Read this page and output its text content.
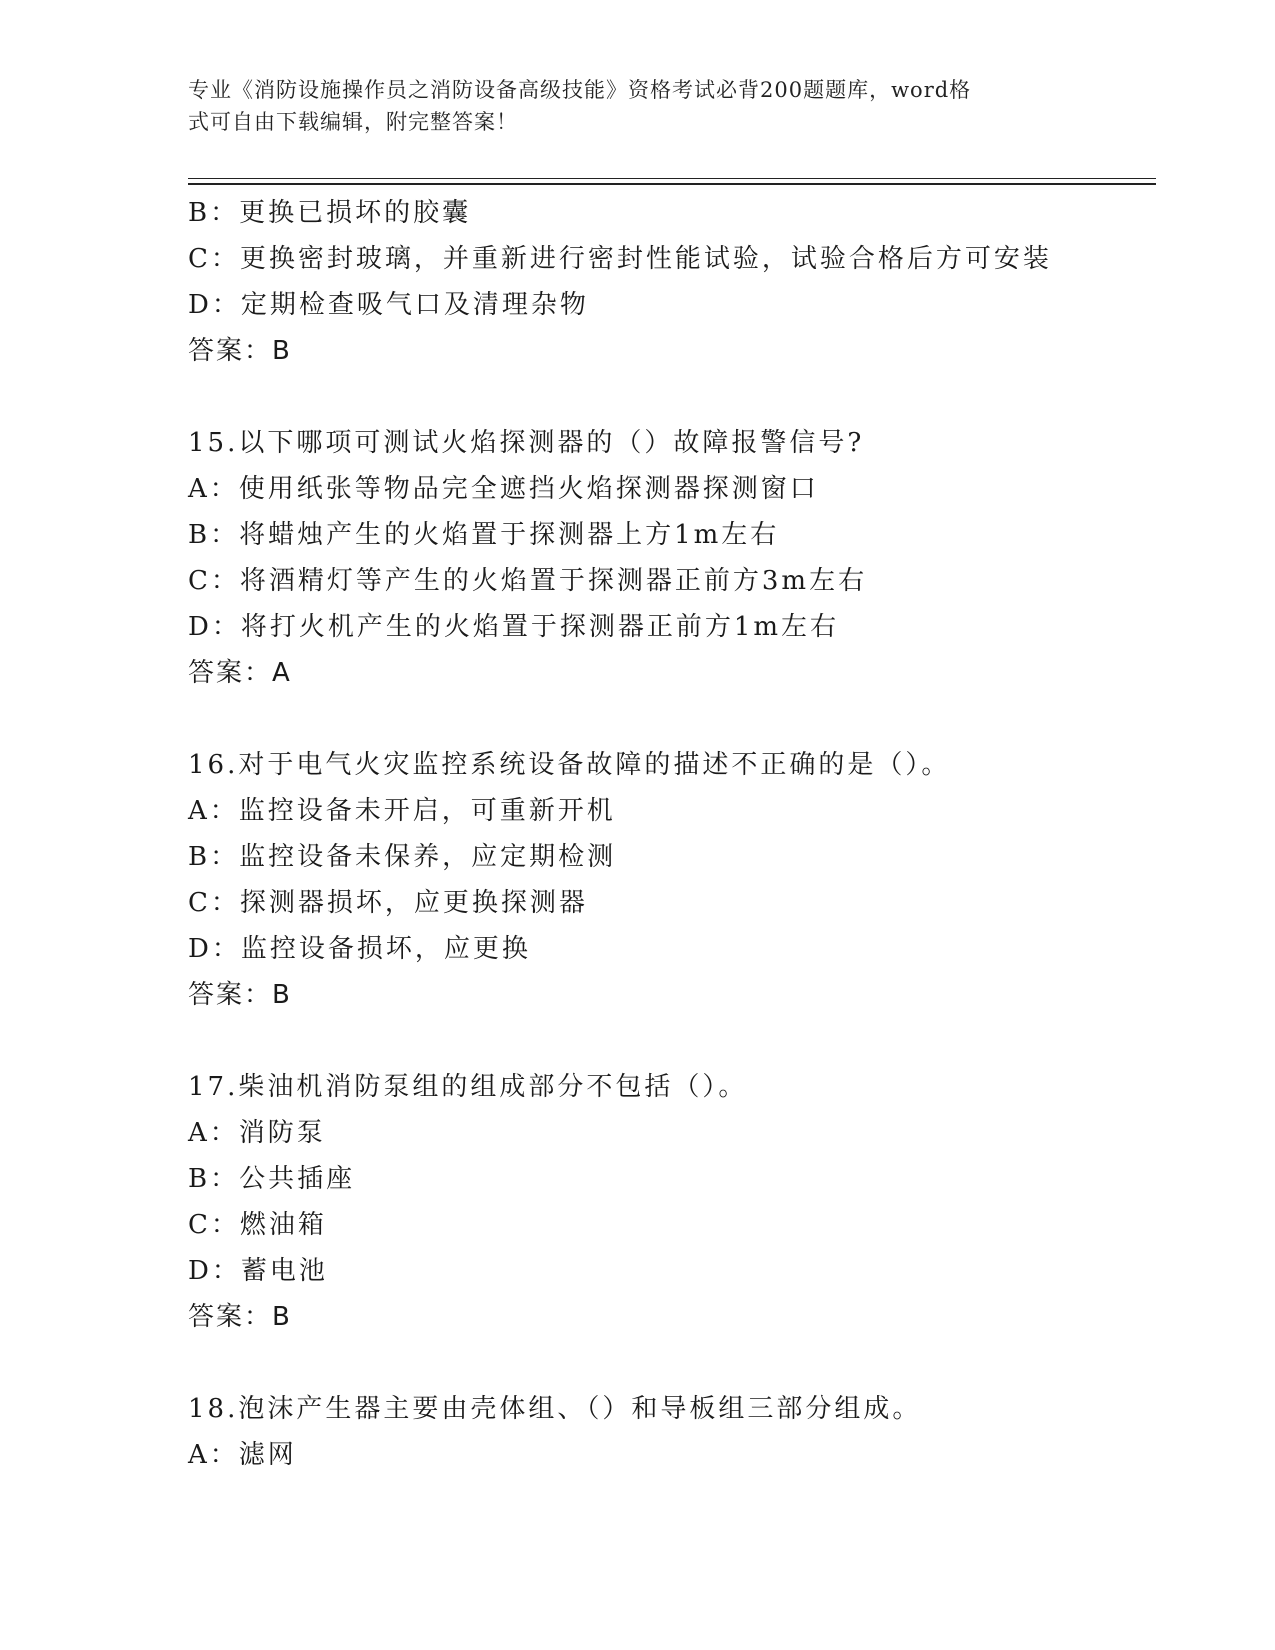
专业《消防设施操作员之消防设备高级技能》资格考试必背200题题库，word格
式可自由下载编辑，附完整答案！
B：更换已损坏的胶囊
C：更换密封玻璃，并重新进行密封性能试验，试验合格后方可安装
D：定期检查吸气口及清理杂物
答案：B
15.以下哪项可测试火焰探测器的（）故障报警信号?
A：使用纸张等物品完全遮挡火焰探测器探测窗口
B：将蜡烛产生的火焰置于探测器上方1m左右
C：将酒精灯等产生的火焰置于探测器正前方3m左右
D：将打火机产生的火焰置于探测器正前方1m左右
答案：A
16.对于电气火灾监控系统设备故障的描述不正确的是（）。
A：监控设备未开启，可重新开机
B：监控设备未保养，应定期检测
C：探测器损坏，应更换探测器
D：监控设备损坏，应更换
答案：B
17.柴油机消防泵组的组成部分不包括（）。
A：消防泵
B：公共插座
C：燃油箱
D：蓄电池
答案：B
18.泡沫产生器主要由壳体组、（）和导板组三部分组成。
A：滤网
